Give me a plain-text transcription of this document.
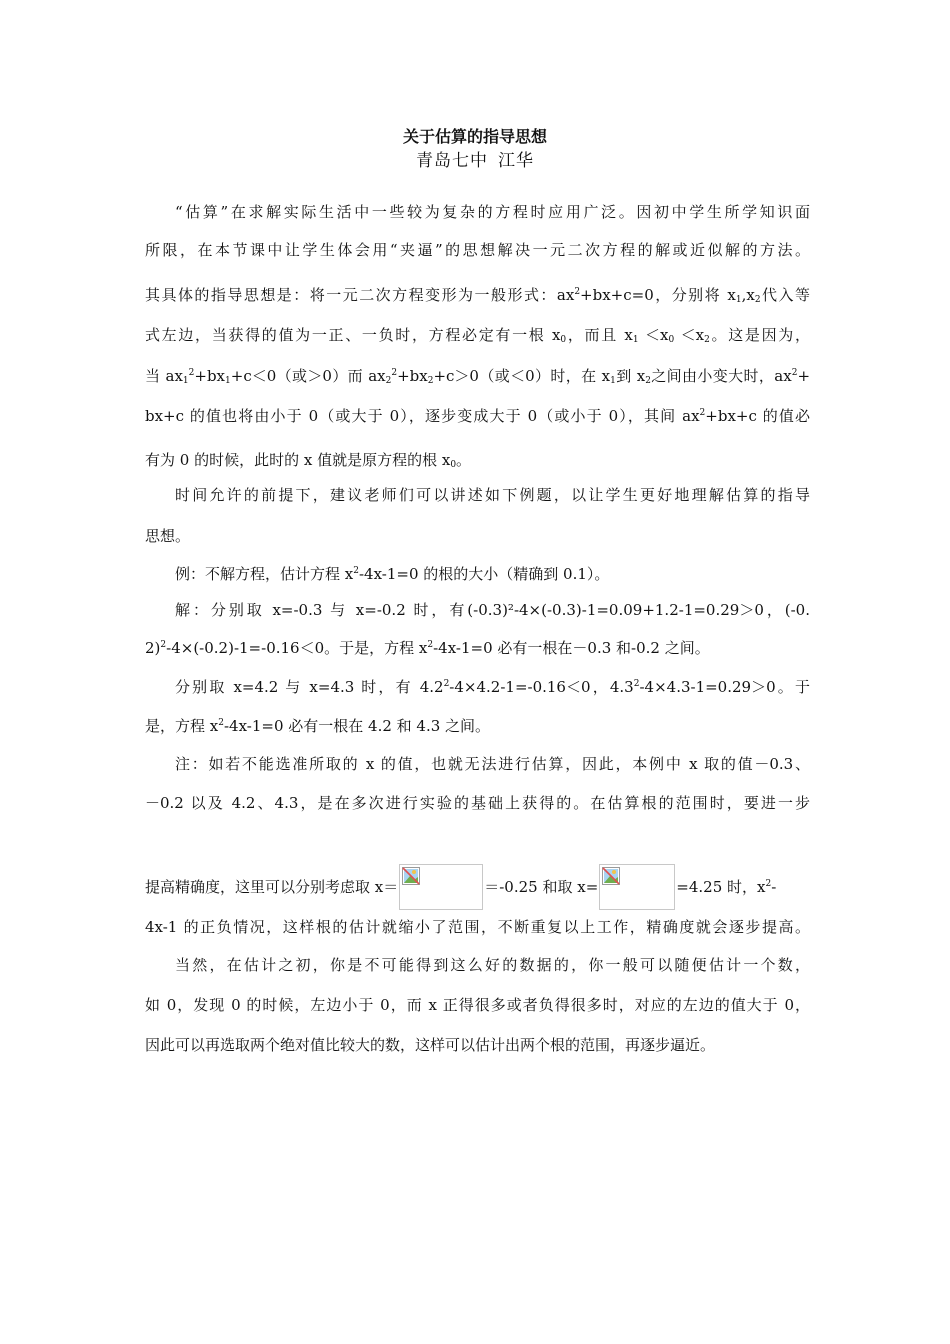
关于估算的指导思想
青岛七中 江华
“估算”在求解实际生活中一些较为复杂的方程时应用广泛。因初中学生所学知识面
所限，在本节课中让学生体会用“夹逼”的思想解决一元二次方程的解或近似解的方法。
其具体的指导思想是：将一元二次方程变形为一般形式：$ax^2+bx+c=0$，分别将 $x_1,x_2$代入等
式左边，当获得的值为一正、一负时，方程必定有一根 $x_0$，而且 $x_1 <x_0 <x_2$。这是因为，
当 $ax_1^2+bx_1+c<0$（或＞0）而 $ax_2^2+bx_2+c>0$（或＜0）时，在 $x_1$到 $x_2$之间由小变大时，$ax^2+$
bx+c 的值也将由小于 0（或大于 0），逐步变成大于 0（或小于 0），其间 $ax^2+bx+c$ 的值必
有为 0 的时候，此时的 x 值就是原方程的根 $x_0$。
时间允许的前提下，建议老师们可以讲述如下例题，以让学生更好地理解估算的指导
思想。
例：不解方程，估计方程 $x^2-4x-1=0$ 的根的大小（精确到 0.1）。
解：分别取 x=-0.3 与 x=-0.2 时，有(-0.3)²-4×(-0.3)-1=0.09+1.2-1=0.29＞0，(-0.
2)$^2$-4×(-0.2)-1=-0.16＜0。于是，方程 $x^2-4x-1=0$ 必有一根在－0.3 和-0.2 之间。
分别取 x=4.2 与 x=4.3 时，有 $4.2^2-4\times 4.2-1=-0.16<0$，$4.3^2-4\times 4.3-1=0.29>0$。于
是，方程 $x^2-4x-1=0$ 必有一根在 4.2 和 4.3 之间。
注：如若不能选准所取的 x 的值，也就无法进行估算，因此，本例中 x 取的值－0.3、
－0.2 以及 4.2、4.3，是在多次进行实验的基础上获得的。在估算根的范围时，要进一步
提高精确度，这里可以分别考虑取 x＝	＝-0.25 和取 x=	=4.25 时，$x^2-$
4x-1 的正负情况，这样根的估计就缩小了范围，不断重复以上工作，精确度就会逐步提高。
当然，在估计之初，你是不可能得到这么好的数据的，你一般可以随便估计一个数，
如 0，发现 0 的时候，左边小于 0，而 x 正得很多或者负得很多时，对应的左边的值大于 0，
因此可以再选取两个绝对值比较大的数，这样可以估计出两个根的范围，再逐步逼近。
